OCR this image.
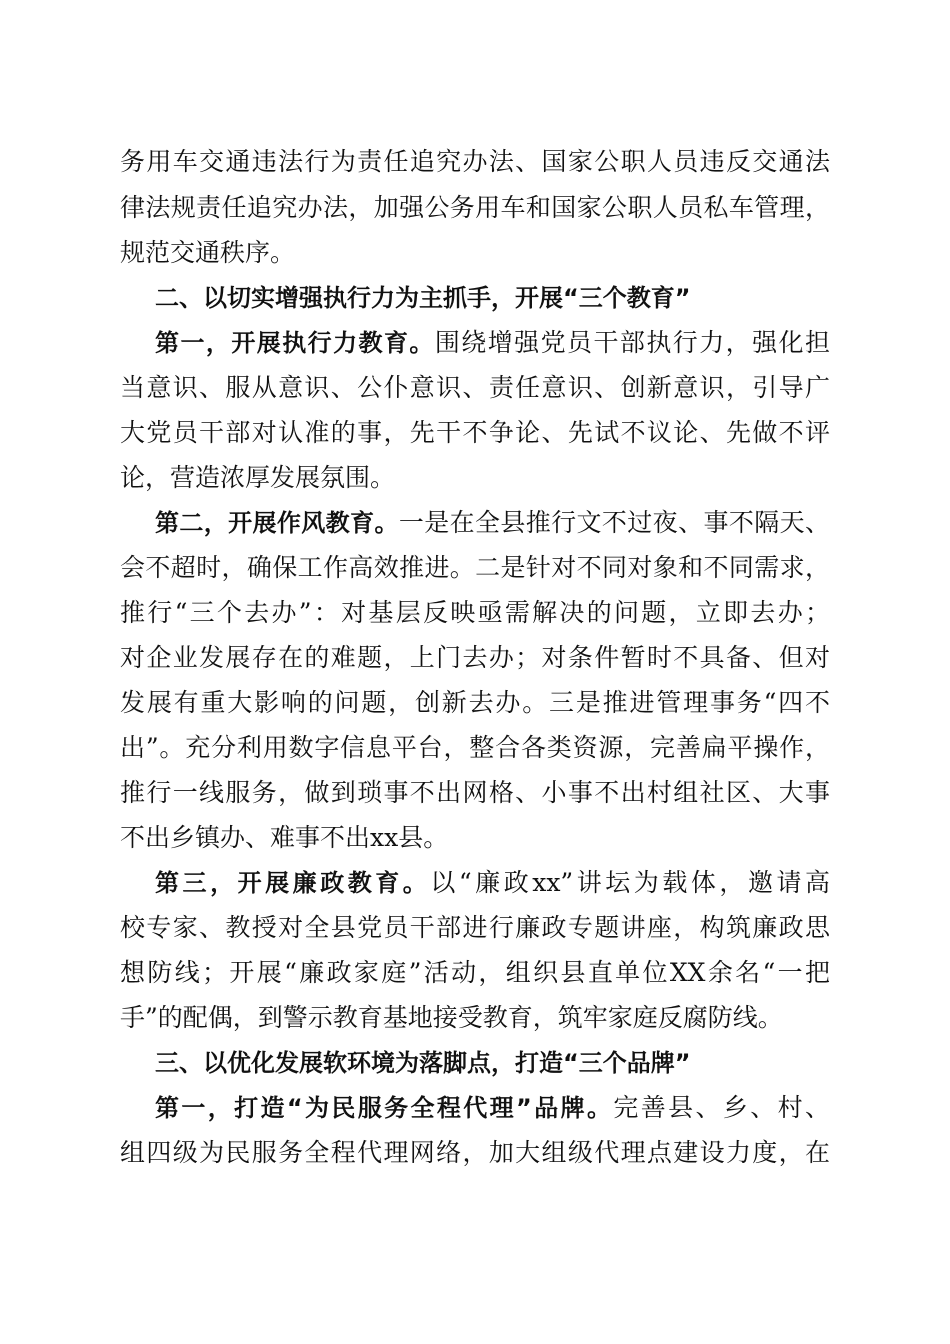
务用车交通违法行为责任追究办法、国家公职人员违反交通法
律法规责任追究办法，加强公务用车和国家公职人员私车管理，
规范交通秩序。
二、以切实增强执行力为主抓手，开展“三个教育”
第一，开展执行力教育。围绕增强党员干部执行力，强化担
当意识、服从意识、公仆意识、责任意识、创新意识，引导广
大党员干部对认准的事，先干不争论、先试不议论、先做不评
论，营造浓厚发展氛围。
第二，开展作风教育。一是在全县推行文不过夜、事不隔天、
会不超时，确保工作高效推进。二是针对不同对象和不同需求，
推行“三个去办”：对基层反映亟需解决的问题，立即去办；
对企业发展存在的难题，上门去办；对条件暂时不具备、但对
发展有重大影响的问题，创新去办。三是推进管理事务“四不
出”。充分利用数字信息平台，整合各类资源，完善扁平操作，
推行一线服务，做到琐事不出网格、小事不出村组社区、大事
不出乡镇办、难事不出xx县。
第三，开展廉政教育。以“廉政xx”讲坛为载体，邀请高
校专家、教授对全县党员干部进行廉政专题讲座，构筑廉政思
想防线；开展“廉政家庭”活动，组织县直单位XX余名“一把
手”的配偶，到警示教育基地接受教育，筑牢家庭反腐防线。
三、以优化发展软环境为落脚点，打造“三个品牌”
第一，打造“为民服务全程代理”品牌。完善县、乡、村、
组四级为民服务全程代理网络，加大组级代理点建设力度，在
